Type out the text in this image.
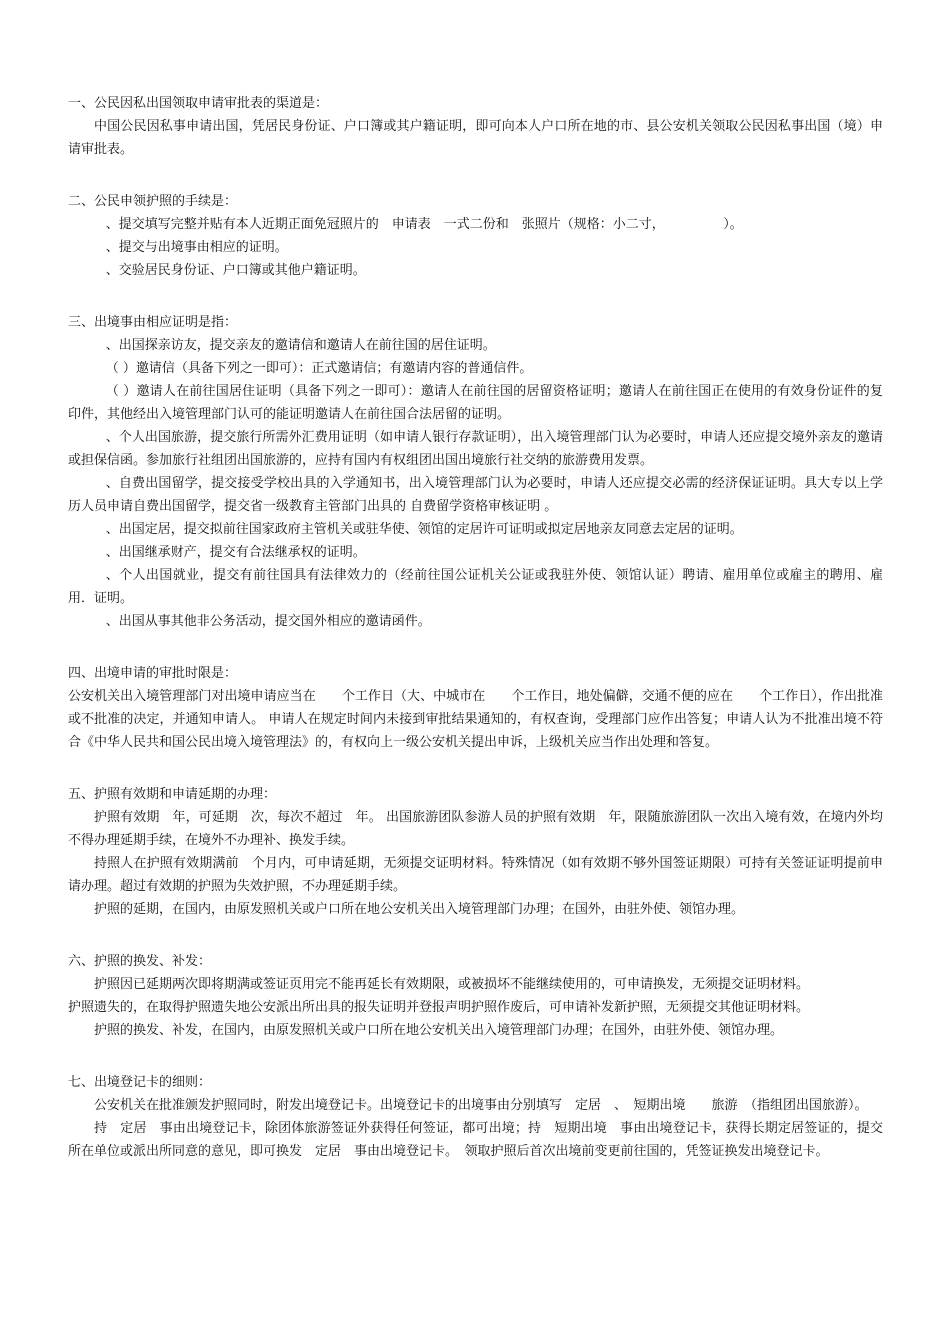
一、公民因私出国领取申请审批表的渠道是：

中国公民因私事申请出国，凭居民身份证、户口簿或其户籍证明，即可向本人户口所在地的市、县公安机关领取公民因私事出国（境）申请审批表。

二、公民申领护照的手续是：

、提交填写完整并贴有本人近期正面免冠照片的　申请表　一式二份和　张照片（规格：小二寸，　　　　　）。

、提交与出境事由相应的证明。

、交验居民身份证、户口簿或其他户籍证明。

三、出境事由相应证明是指：

、出国探亲访友，提交亲友的邀请信和邀请人在前往国的居住证明。

（ ）邀请信（具备下列之一即可）：正式邀请信；有邀请内容的普通信件。

（ ）邀请人在前往国居住证明（具备下列之一即可）：邀请人在前往国的居留资格证明；邀请人在前往国正在使用的有效身份证件的复印件，其他经出入境管理部门认可的能证明邀请人在前往国合法居留的证明。

、个人出国旅游，提交旅行所需外汇费用证明（如申请人银行存款证明），出入境管理部门认为必要时，申请人还应提交境外亲友的邀请或担保信函。参加旅行社组团出国旅游的，应持有国内有权组团出国出境旅行社交纳的旅游费用发票。

、自费出国留学，提交接受学校出具的入学通知书，出入境管理部门认为必要时，申请人还应提交必需的经济保证证明。具大专以上学历人员申请自费出国留学，提交省一级教育主管部门出具的 自费留学资格审核证明 。

、出国定居，提交拟前往国家政府主管机关或驻华使、领馆的定居许可证明或拟定居地亲友同意去定居的证明。

、出国继承财产，提交有合法继承权的证明。

、个人出国就业，提交有前往国具有法律效力的（经前往国公证机关公证或我驻外使、领馆认证）聘请、雇用单位或雇主的聘用、雇用．证明。

、出国从事其他非公务活动，提交国外相应的邀请函件。

四、出境申请的审批时限是：

公安机关出入境管理部门对出境申请应当在　　个工作日（大、中城市在　　个工作日，地处偏僻，交通不便的应在　　个工作日），作出批准或不批准的决定，并通知申请人。 申请人在规定时间内未接到审批结果通知的，有权查询，受理部门应作出答复；申请人认为不批准出境不符合《中华人民共和国公民出境入境管理法》的，有权向上一级公安机关提出申诉，上级机关应当作出处理和答复。

五、护照有效期和申请延期的办理：

护照有效期　年，可延期　次，每次不超过　年。 出国旅游团队参游人员的护照有效期　年，限随旅游团队一次出入境有效，在境内外均不得办理延期手续，在境外不办理补、换发手续。

持照人在护照有效期满前　个月内，可申请延期，无须提交证明材料。特殊情况（如有效期不够外国签证期限）可持有关签证证明提前申请办理。超过有效期的护照为失效护照，不办理延期手续。

护照的延期，在国内，由原发照机关或户口所在地公安机关出入境管理部门办理；在国外，由驻外使、领馆办理。

六、护照的换发、补发：

护照因已延期两次即将期满或签证页用完不能再延长有效期限，或被损坏不能继续使用的，可申请换发，无须提交证明材料。

护照遗失的，在取得护照遗失地公安派出所出具的报失证明并登报声明护照作废后，可申请补发新护照，无须提交其他证明材料。

护照的换发、补发，在国内，由原发照机关或户口所在地公安机关出入境管理部门办理；在国外，由驻外使、领馆办理。

七、出境登记卡的细则：

公安机关在批准颁发护照同时，附发出境登记卡。出境登记卡的出境事由分别填写　定居　、　短期出境　　旅游　（指组团出国旅游）。

持　定居　事由出境登记卡，除团体旅游签证外获得任何签证，都可出境；持　短期出境　事由出境登记卡，获得长期定居签证的，提交所在单位或派出所同意的意见，即可换发　定居　事由出境登记卡。　领取护照后首次出境前变更前往国的，凭签证换发出境登记卡。
